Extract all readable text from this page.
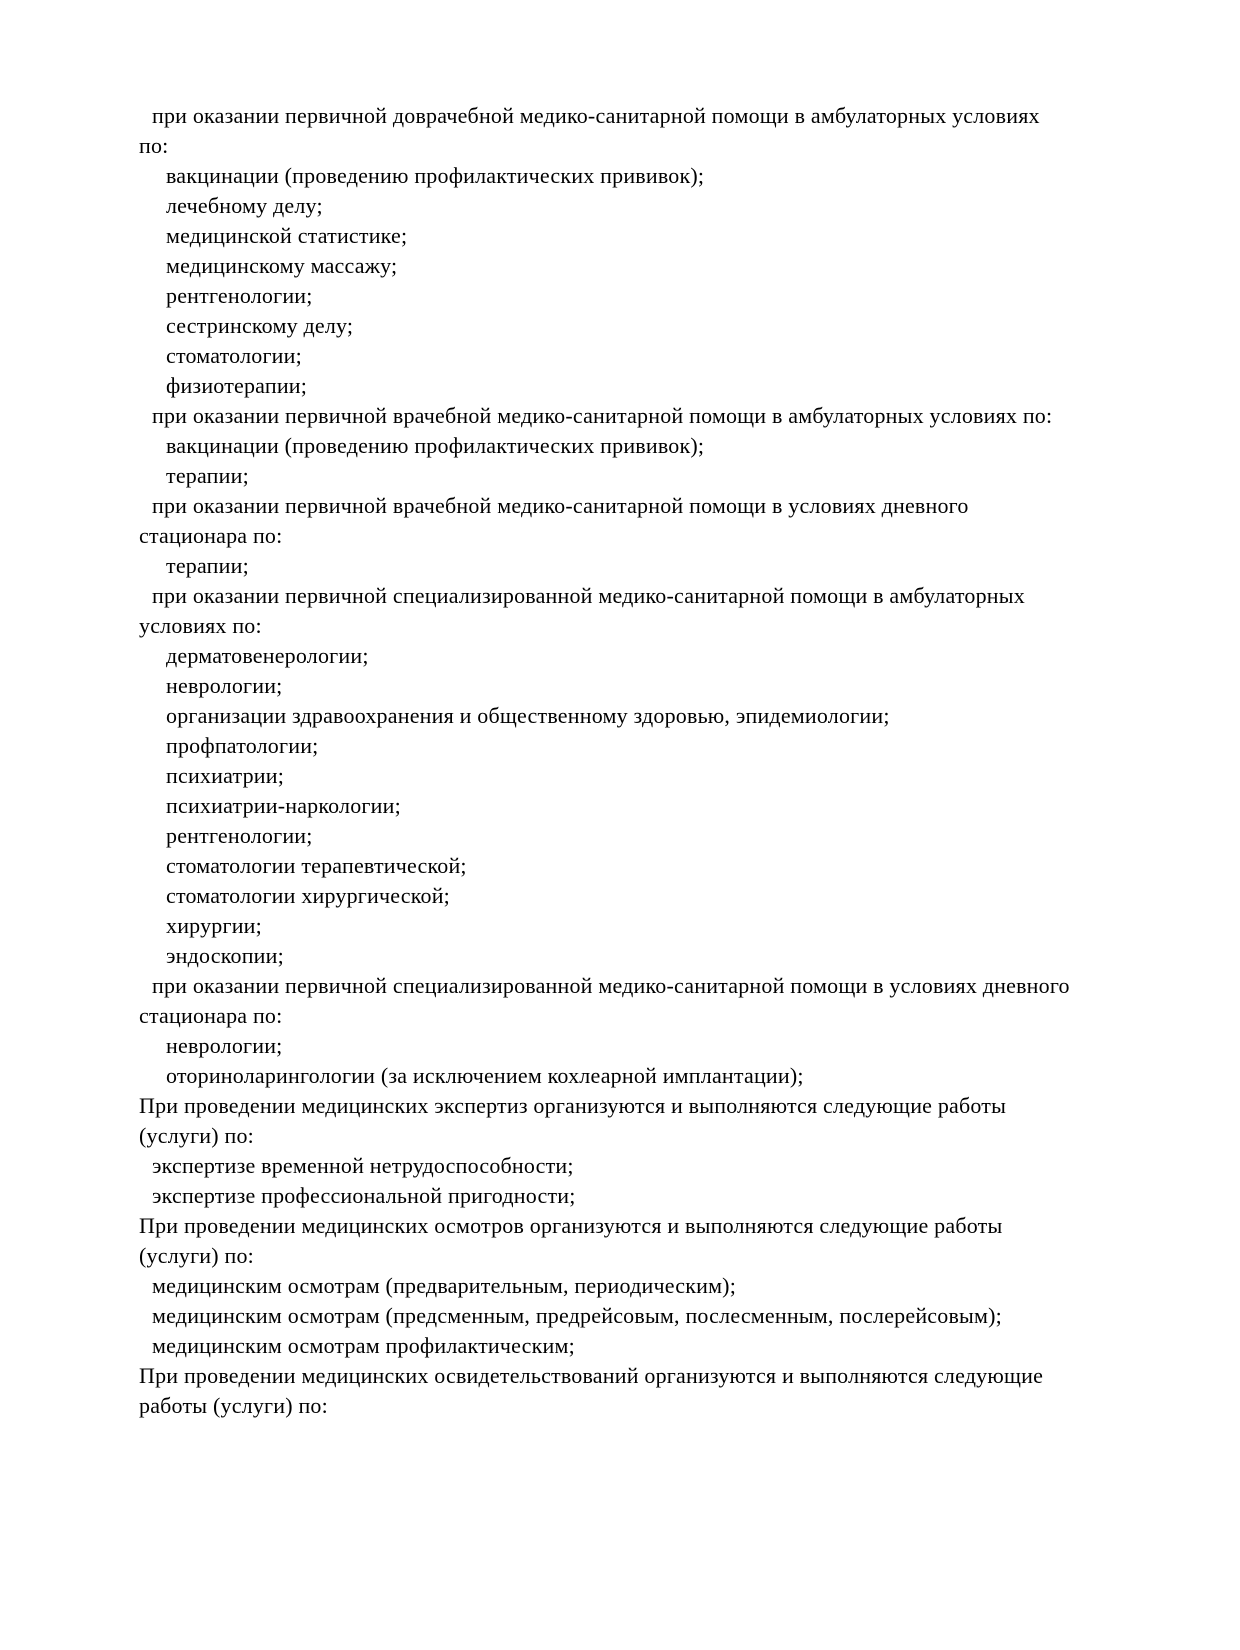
при оказании первичной доврачебной медико-санитарной помощи в амбулаторных условиях
по:
вакцинации (проведению профилактических прививок);
лечебному делу;
медицинской статистике;
медицинскому массажу;
рентгенологии;
сестринскому делу;
стоматологии;
физиотерапии;
при оказании первичной врачебной медико-санитарной помощи в амбулаторных условиях по:
вакцинации (проведению профилактических прививок);
терапии;
при оказании первичной врачебной медико-санитарной помощи в условиях дневного
стационара по:
терапии;
при оказании первичной специализированной медико-санитарной помощи в амбулаторных
условиях по:
дерматовенерологии;
неврологии;
организации здравоохранения и общественному здоровью, эпидемиологии;
профпатологии;
психиатрии;
психиатрии-наркологии;
рентгенологии;
стоматологии терапевтической;
стоматологии хирургической;
хирургии;
эндоскопии;
при оказании первичной специализированной медико-санитарной помощи в условиях дневного
стационара по:
неврологии;
оториноларингологии (за исключением кохлеарной имплантации);
При проведении медицинских экспертиз организуются и выполняются следующие работы
(услуги) по:
экспертизе временной нетрудоспособности;
экспертизе профессиональной пригодности;
При проведении медицинских осмотров организуются и выполняются следующие работы
(услуги) по:
медицинским осмотрам (предварительным, периодическим);
медицинским осмотрам (предсменным, предрейсовым, послесменным, послерейсовым);
медицинским осмотрам профилактическим;
При проведении медицинских освидетельствований организуются и выполняются следующие
работы (услуги) по:
